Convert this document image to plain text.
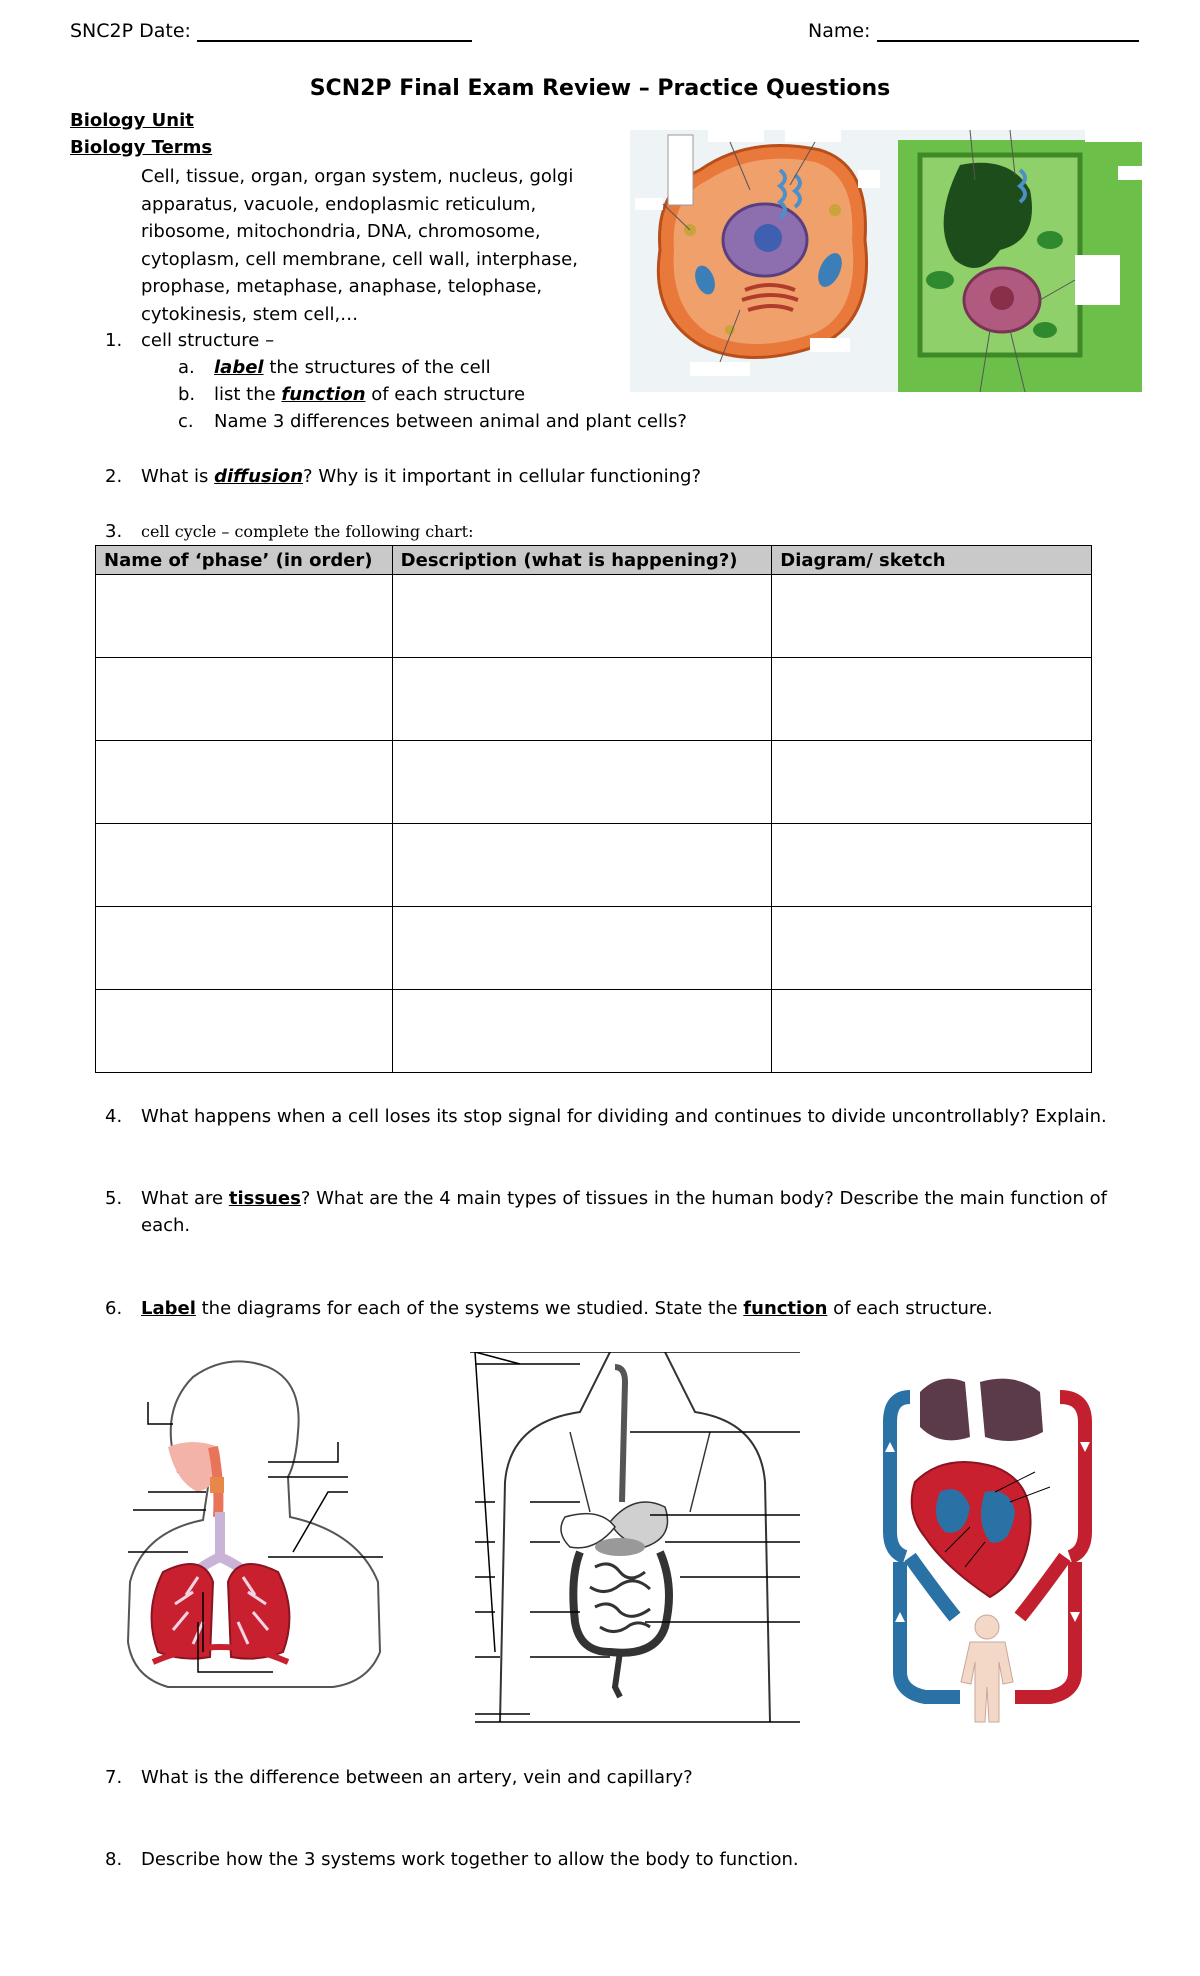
SNC2P Date:	Name:
SCN2P Final Exam Review – Practice Questions
Biology Unit
Biology Terms
Cell, tissue, organ, organ system, nucleus, golgi
apparatus, vacuole, endoplasmic reticulum,
ribosome, mitochondria, DNA, chromosome,
cytoplasm, cell membrane, cell wall, interphase,
prophase, metaphase, anaphase, telophase,
cytokinesis, stem cell,…
1. cell structure –
a. label the structures of the cell
b. list the function of each structure
c. Name 3 differences between animal and plant cells?
2. What is diffusion? Why is it important in cellular functioning?
3. cell cycle – complete the following chart:
Name of ‘phase’ (in order)	Description (what is happening?)	Diagram/ sketch

4. What happens when a cell loses its stop signal for dividing and continues to divide uncontrollably? Explain.
5. What are tissues? What are the 4 main types of tissues in the human body? Describe the main function of
each.
6. Label the diagrams for each of the systems we studied. State the function of each structure.
7. What is the difference between an artery, vein and capillary?
8. Describe how the 3 systems work together to allow the body to function.
